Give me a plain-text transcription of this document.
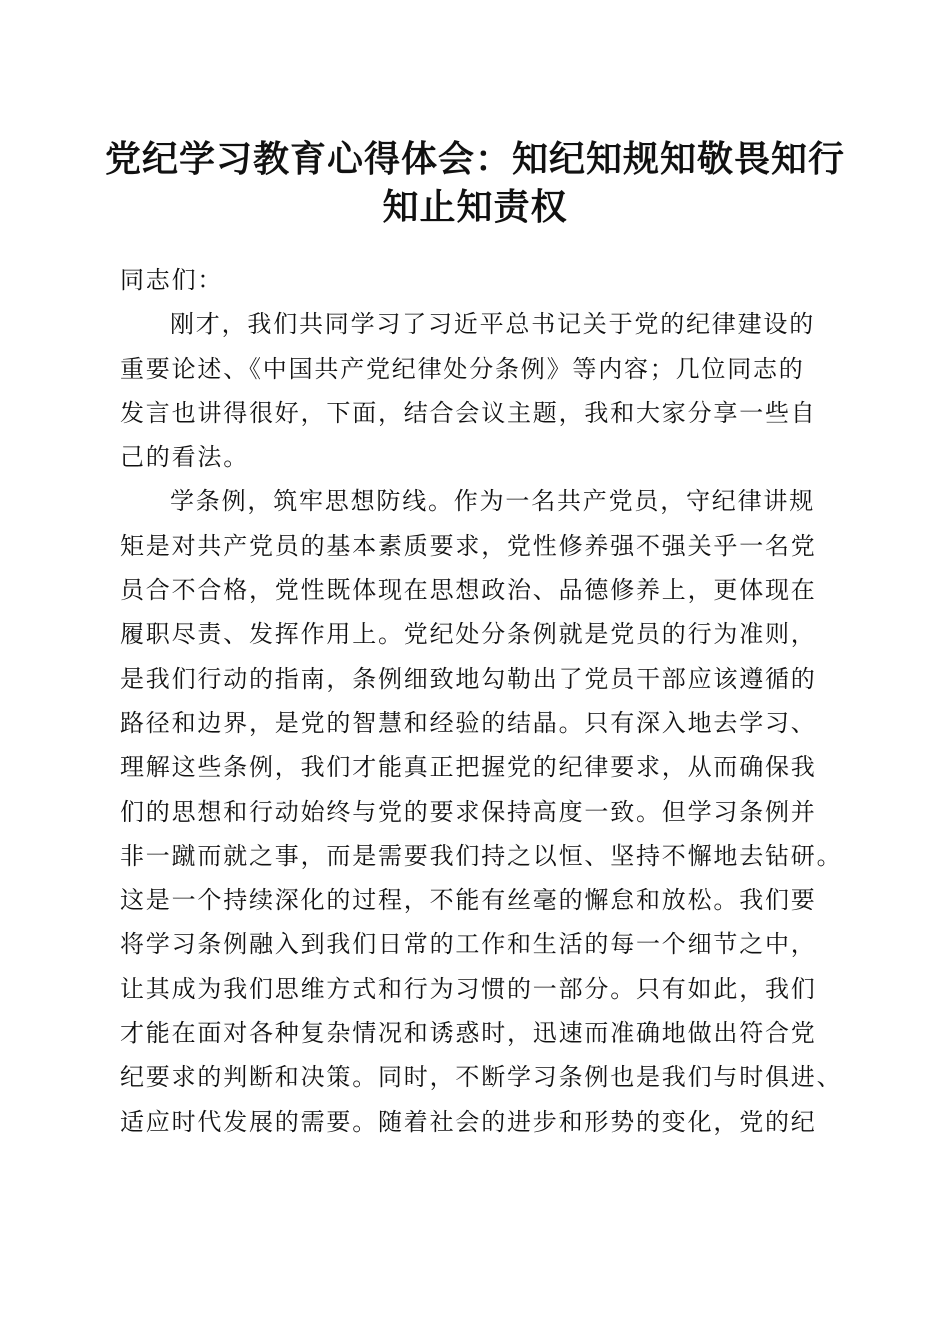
党纪学习教育心得体会：知纪知规知敬畏知行
知止知责权
同志们：
刚才，我们共同学习了习近平总书记关于党的纪律建设的
重要论述、《中国共产党纪律处分条例》等内容；几位同志的
发言也讲得很好，下面，结合会议主题，我和大家分享一些自
己的看法。
学条例，筑牢思想防线。作为一名共产党员，守纪律讲规
矩是对共产党员的基本素质要求，党性修养强不强关乎一名党
员合不合格，党性既体现在思想政治、品德修养上，更体现在
履职尽责、发挥作用上。党纪处分条例就是党员的行为准则，
是我们行动的指南，条例细致地勾勒出了党员干部应该遵循的
路径和边界，是党的智慧和经验的结晶。只有深入地去学习、
理解这些条例，我们才能真正把握党的纪律要求，从而确保我
们的思想和行动始终与党的要求保持高度一致。但学习条例并
非一蹴而就之事，而是需要我们持之以恒、坚持不懈地去钻研。
这是一个持续深化的过程，不能有丝毫的懈怠和放松。我们要
将学习条例融入到我们日常的工作和生活的每一个细节之中，
让其成为我们思维方式和行为习惯的一部分。只有如此，我们
才能在面对各种复杂情况和诱惑时，迅速而准确地做出符合党
纪要求的判断和决策。同时，不断学习条例也是我们与时俱进、
适应时代发展的需要。随着社会的进步和形势的变化，党的纪
